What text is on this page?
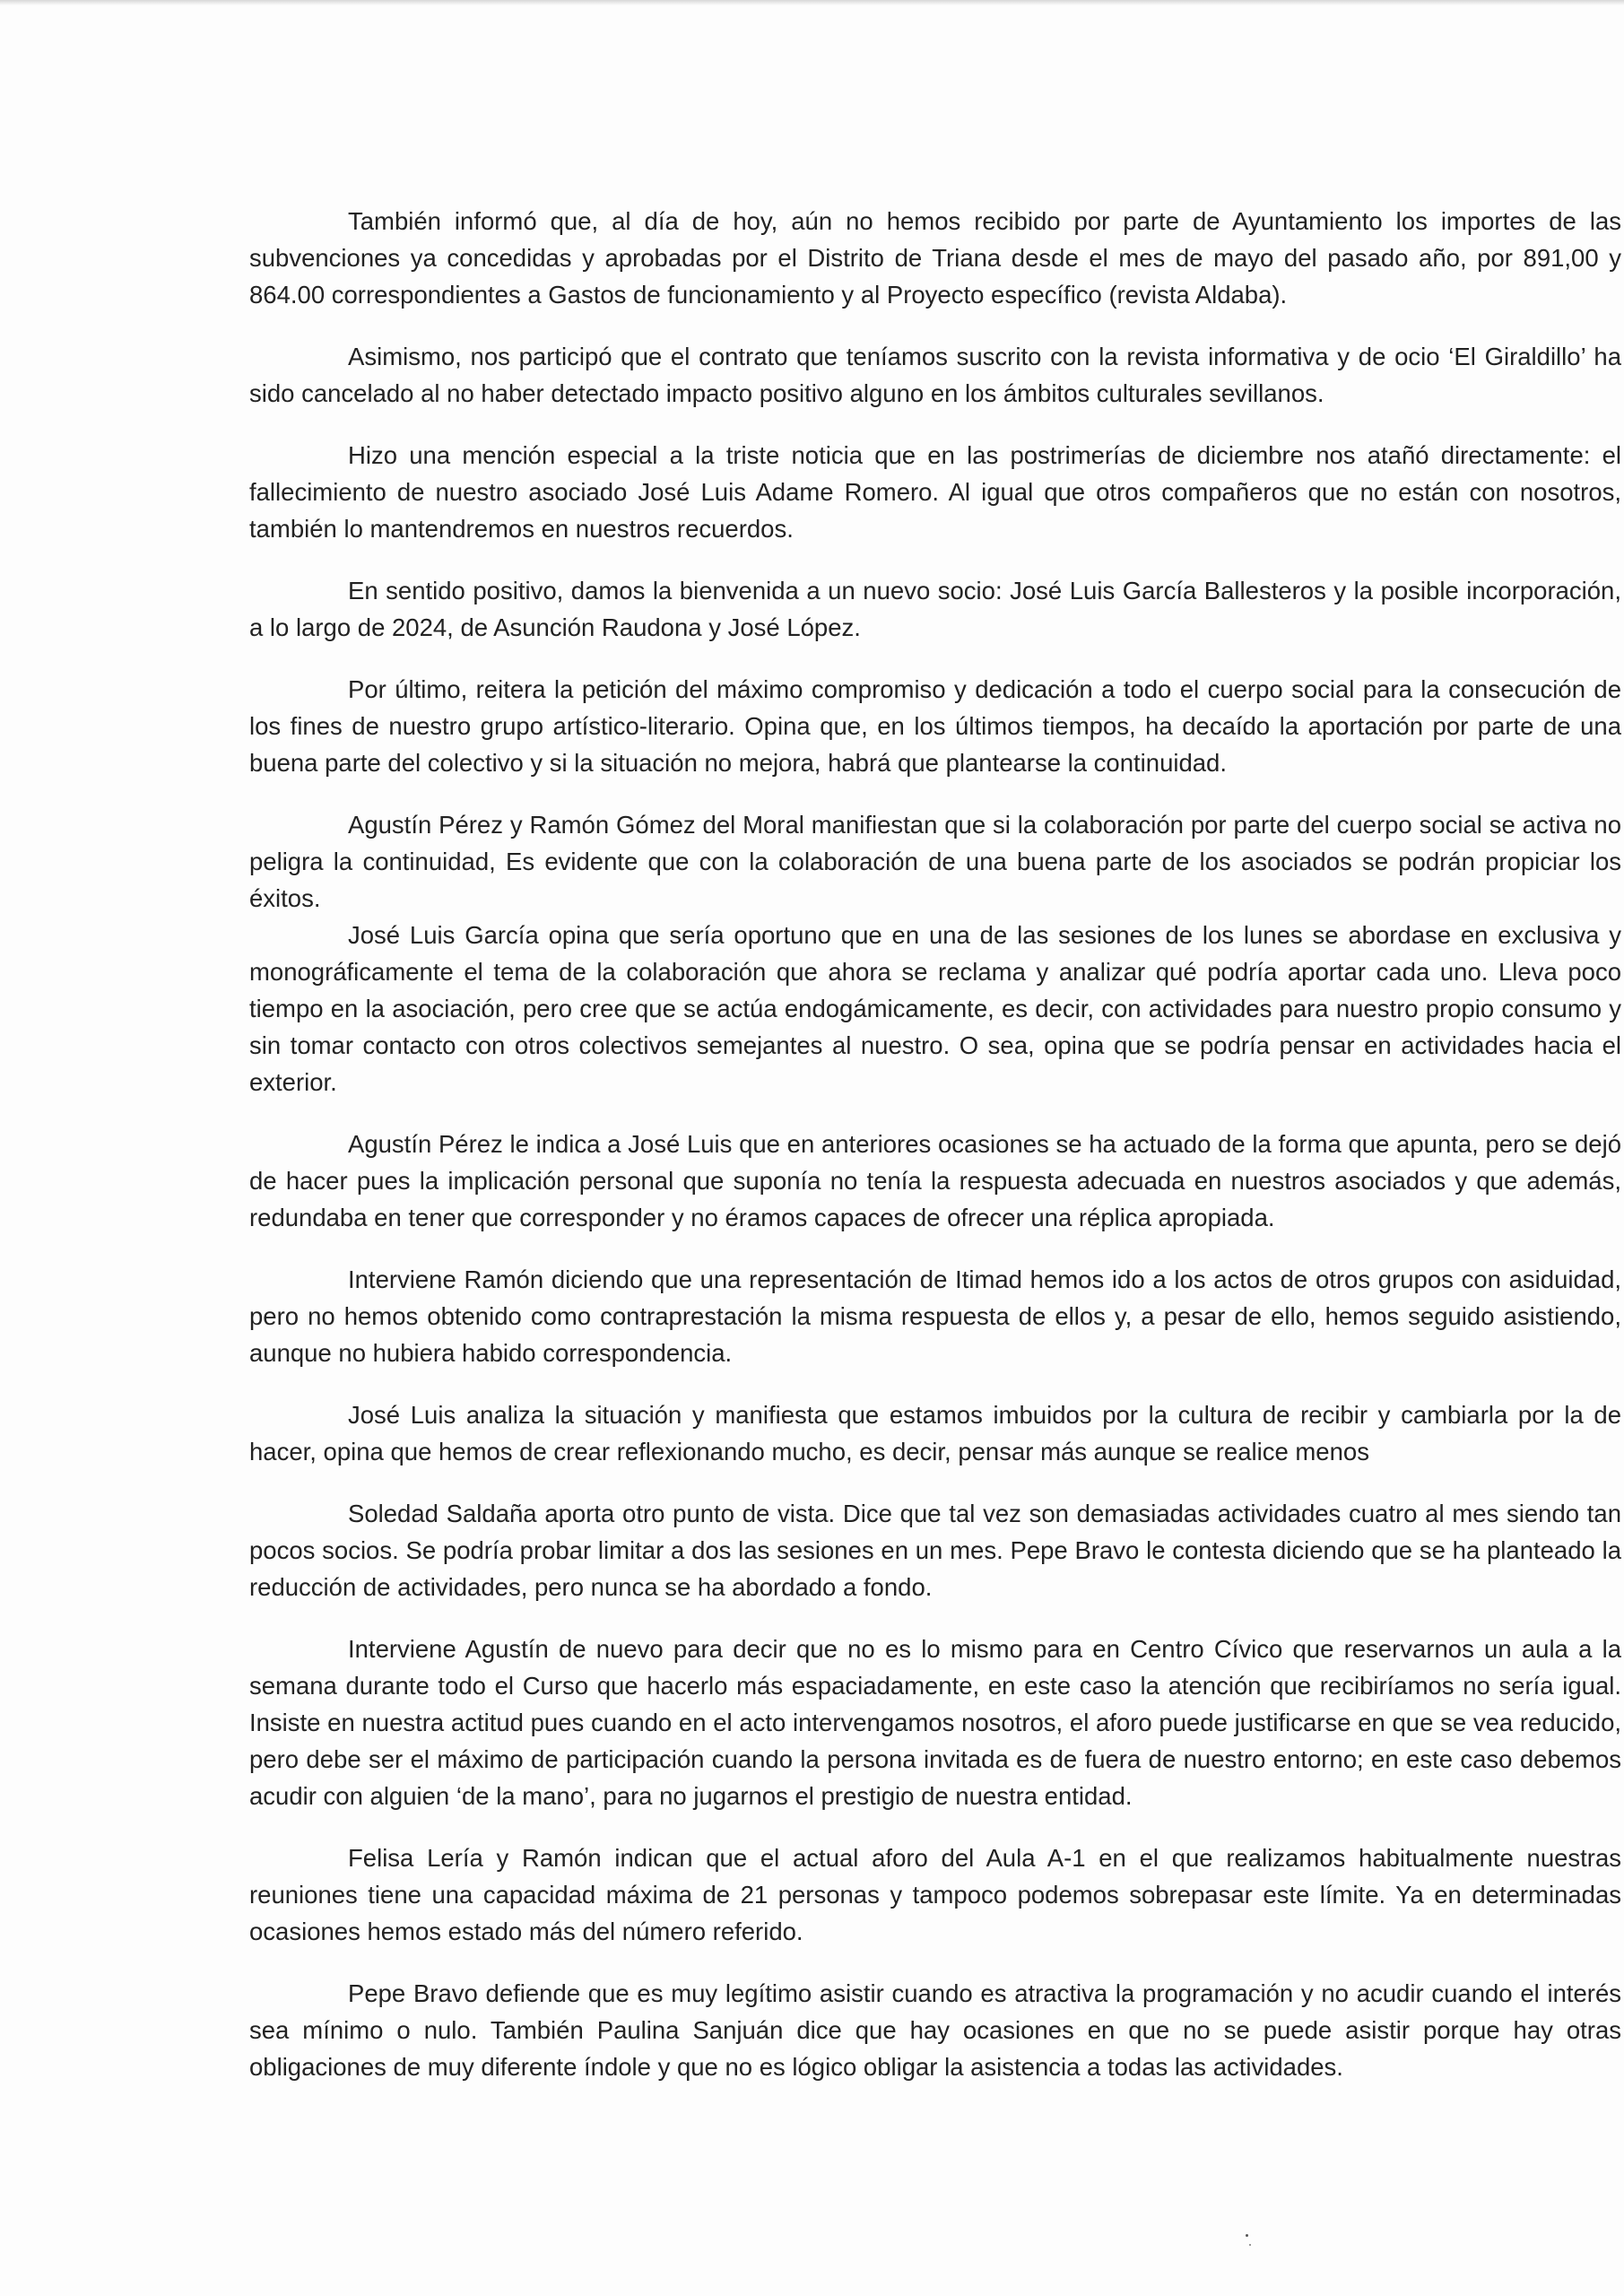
También informó que, al día de hoy, aún no hemos recibido por parte de Ayuntamiento los importes de las subvenciones ya concedidas y aprobadas por el Distrito de Triana desde el mes de mayo del pasado año, por 891,00 y 864.00 correspondientes a Gastos de funcionamiento y al Proyecto específico (revista Aldaba).

Asimismo, nos participó que el contrato que teníamos suscrito con la revista informativa y de ocio ‘El Giraldillo’ ha sido cancelado al no haber detectado impacto positivo alguno en los ámbitos culturales sevillanos.

Hizo una mención especial a la triste noticia que en las postrimerías de diciembre nos atañó directamente: el fallecimiento de nuestro asociado José Luis Adame Romero. Al igual que otros compañeros que no están con nosotros, también lo mantendremos en nuestros recuerdos.

En sentido positivo, damos la bienvenida a un nuevo socio: José Luis García Ballesteros y la posible incorporación, a lo largo de 2024, de Asunción Raudona y José López.

Por último, reitera la petición del máximo compromiso y dedicación a todo el cuerpo social para la consecución de los fines de nuestro grupo artístico-literario. Opina que, en los últimos tiempos, ha decaído la aportación por parte de una buena parte del colectivo y si la situación no mejora, habrá que plantearse la continuidad.

Agustín Pérez y Ramón Gómez del Moral manifiestan que si la colaboración por parte del cuerpo social se activa no peligra la continuidad, Es evidente que con la colaboración de una buena parte de los asociados se podrán propiciar los éxitos.

José Luis García opina que sería oportuno que en una de las sesiones de los lunes se abordase en exclusiva y monográficamente el tema de la colaboración que ahora se reclama y analizar qué podría aportar cada uno. Lleva poco tiempo en la asociación, pero cree que se actúa endogámicamente, es decir, con actividades para nuestro propio consumo y sin tomar contacto con otros colectivos semejantes al nuestro. O sea, opina que se podría pensar en actividades hacia el exterior.

Agustín Pérez le indica a José Luis que en anteriores ocasiones se ha actuado de la forma que apunta, pero se dejó de hacer pues la implicación personal que suponía no tenía la respuesta adecuada en nuestros asociados y que además, redundaba en tener que corresponder y no éramos capaces de ofrecer una réplica apropiada.

Interviene Ramón diciendo que una representación de Itimad hemos ido a los actos de otros grupos con asiduidad, pero no hemos obtenido como contraprestación la misma respuesta de ellos y, a pesar de ello, hemos seguido asistiendo, aunque no hubiera habido correspondencia.

José Luis analiza la situación y manifiesta que estamos imbuidos por la cultura de recibir y cambiarla por la de hacer, opina que hemos de crear reflexionando mucho, es decir, pensar más aunque se realice menos

Soledad Saldaña aporta otro punto de vista. Dice que tal vez son demasiadas actividades cuatro al mes siendo tan pocos socios. Se podría probar limitar a dos las sesiones en un mes. Pepe Bravo le contesta diciendo que se ha planteado la reducción de actividades, pero nunca se ha abordado a fondo.

Interviene Agustín de nuevo para decir que no es lo mismo para en Centro Cívico que reservarnos un aula a la semana durante todo el Curso que hacerlo más espaciadamente, en este caso la atención que recibiríamos no sería igual. Insiste en nuestra actitud pues cuando en el acto intervengamos nosotros, el aforo puede justificarse en que se vea reducido, pero debe ser el máximo de participación cuando la persona invitada es de fuera de nuestro entorno; en este caso debemos acudir con alguien ‘de la mano’, para no jugarnos el prestigio de nuestra entidad.

Felisa Lería y Ramón indican que el actual aforo del Aula A-1 en el que realizamos habitualmente nuestras reuniones tiene una capacidad máxima de 21 personas y tampoco podemos sobrepasar este límite. Ya en determinadas ocasiones hemos estado más del número referido.

Pepe Bravo defiende que es muy legítimo asistir cuando es atractiva la programación y no acudir cuando el interés sea mínimo o nulo. También Paulina Sanjuán dice que hay ocasiones en que no se puede asistir porque hay otras obligaciones de muy diferente índole y que no es lógico obligar la asistencia a todas las actividades.
